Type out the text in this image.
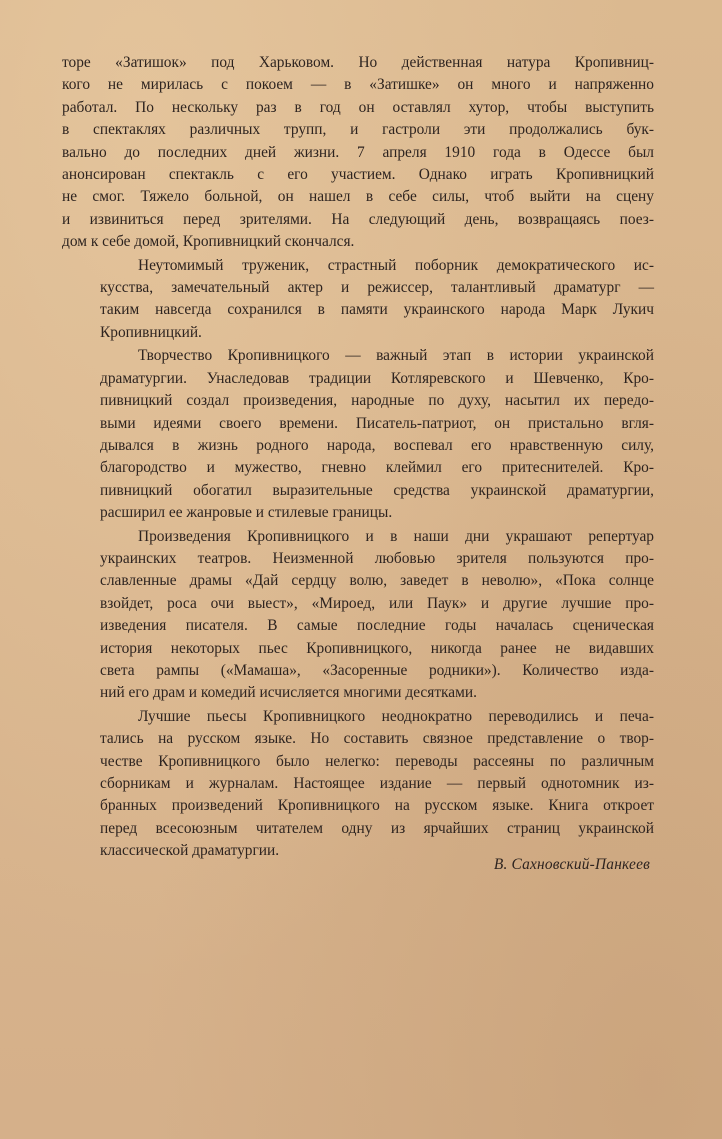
торе «Затишок» под Харьковом. Но действенная натура Кропивниц-
кого не мирилась с покоем — в «Затишке» он много и напряженно
работал. По нескольку раз в год он оставлял хутор, чтобы выступить
в спектаклях различных трупп, и гастроли эти продолжались бук-
вально до последних дней жизни. 7 апреля 1910 года в Одессе был
анонсирован спектакль с его участием. Однако играть Кропивницкий
не смог. Тяжело больной, он нашел в себе силы, чтоб выйти на сцену
и извиниться перед зрителями. На следующий день, возвращаясь поез-
дом к себе домой, Кропивницкий скончался.
Неутомимый труженик, страстный поборник демократического ис-
кусства, замечательный актер и режиссер, талантливый драматург —
таким навсегда сохранился в памяти украинского народа Марк Лукич
Кропивницкий.
Творчество Кропивницкого — важный этап в истории украинской
драматургии. Унаследовав традиции Котляревского и Шевченко, Кро-
пивницкий создал произведения, народные по духу, насытил их передо-
выми идеями своего времени. Писатель-патриот, он пристально вгля-
дывался в жизнь родного народа, воспевал его нравственную силу,
благородство и мужество, гневно клеймил его притеснителей. Кро-
пивницкий обогатил выразительные средства украинской драматургии,
расширил ее жанровые и стилевые границы.
Произведения Кропивницкого и в наши дни украшают репертуар
украинских театров. Неизменной любовью зрителя пользуются про-
славленные драмы «Дай сердцу волю, заведет в неволю», «Пока солнце
взойдет, роса очи выест», «Мироед, или Паук» и другие лучшие про-
изведения писателя. В самые последние годы началась сценическая
история некоторых пьес Кропивницкого, никогда ранее не видавших
света рампы («Мамаша», «Засоренные родники»). Количество изда-
ний его драм и комедий исчисляется многими десятками.
Лучшие пьесы Кропивницкого неоднократно переводились и печа-
тались на русском языке. Но составить связное представление о твор-
честве Кропивницкого было нелегко: переводы рассеяны по различным
сборникам и журналам. Настоящее издание — первый однотомник из-
бранных произведений Кропивницкого на русском языке. Книга откроет
перед всесоюзным читателем одну из ярчайших страниц украинской
классической драматургии.
В. Сахновский-Панкеев
